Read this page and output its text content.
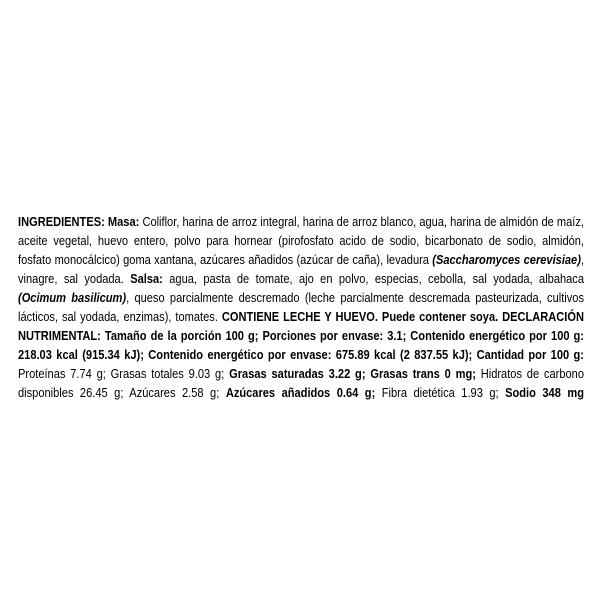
INGREDIENTES: Masa: Coliflor, harina de arroz integral, harina de arroz blanco, agua, harina de almidón de maíz,
aceite vegetal, huevo entero, polvo para hornear (pirofosfato acido de sodio, bicarbonato de sodio, almidón,
fosfato monocálcico) goma xantana, azúcares añadidos (azúcar de caña), levadura (Saccharomyces cerevisiae),
vinagre, sal yodada. Salsa: agua, pasta de tomate, ajo en polvo, especias, cebolla, sal yodada, albahaca
(Ocimum basilicum), queso parcialmente descremado (leche parcialmente descremada pasteurizada, cultivos
lácticos, sal yodada, enzimas), tomates. CONTIENE LECHE Y HUEVO. Puede contener soya. DECLARACIÓN
NUTRIMENTAL: Tamaño de la porción 100 g; Porciones por envase: 3.1; Contenido energético por 100 g:
218.03 kcal (915.34 kJ); Contenido energético por envase: 675.89 kcal (2 837.55 kJ); Cantidad por 100 g:
Proteínas 7.74 g; Grasas totales 9.03 g; Grasas saturadas 3.22 g; Grasas trans 0 mg; Hidratos de carbono
disponibles 26.45 g; Azúcares 2.58 g; Azúcares añadidos 0.64 g; Fibra dietética 1.93 g; Sodio 348 mg
